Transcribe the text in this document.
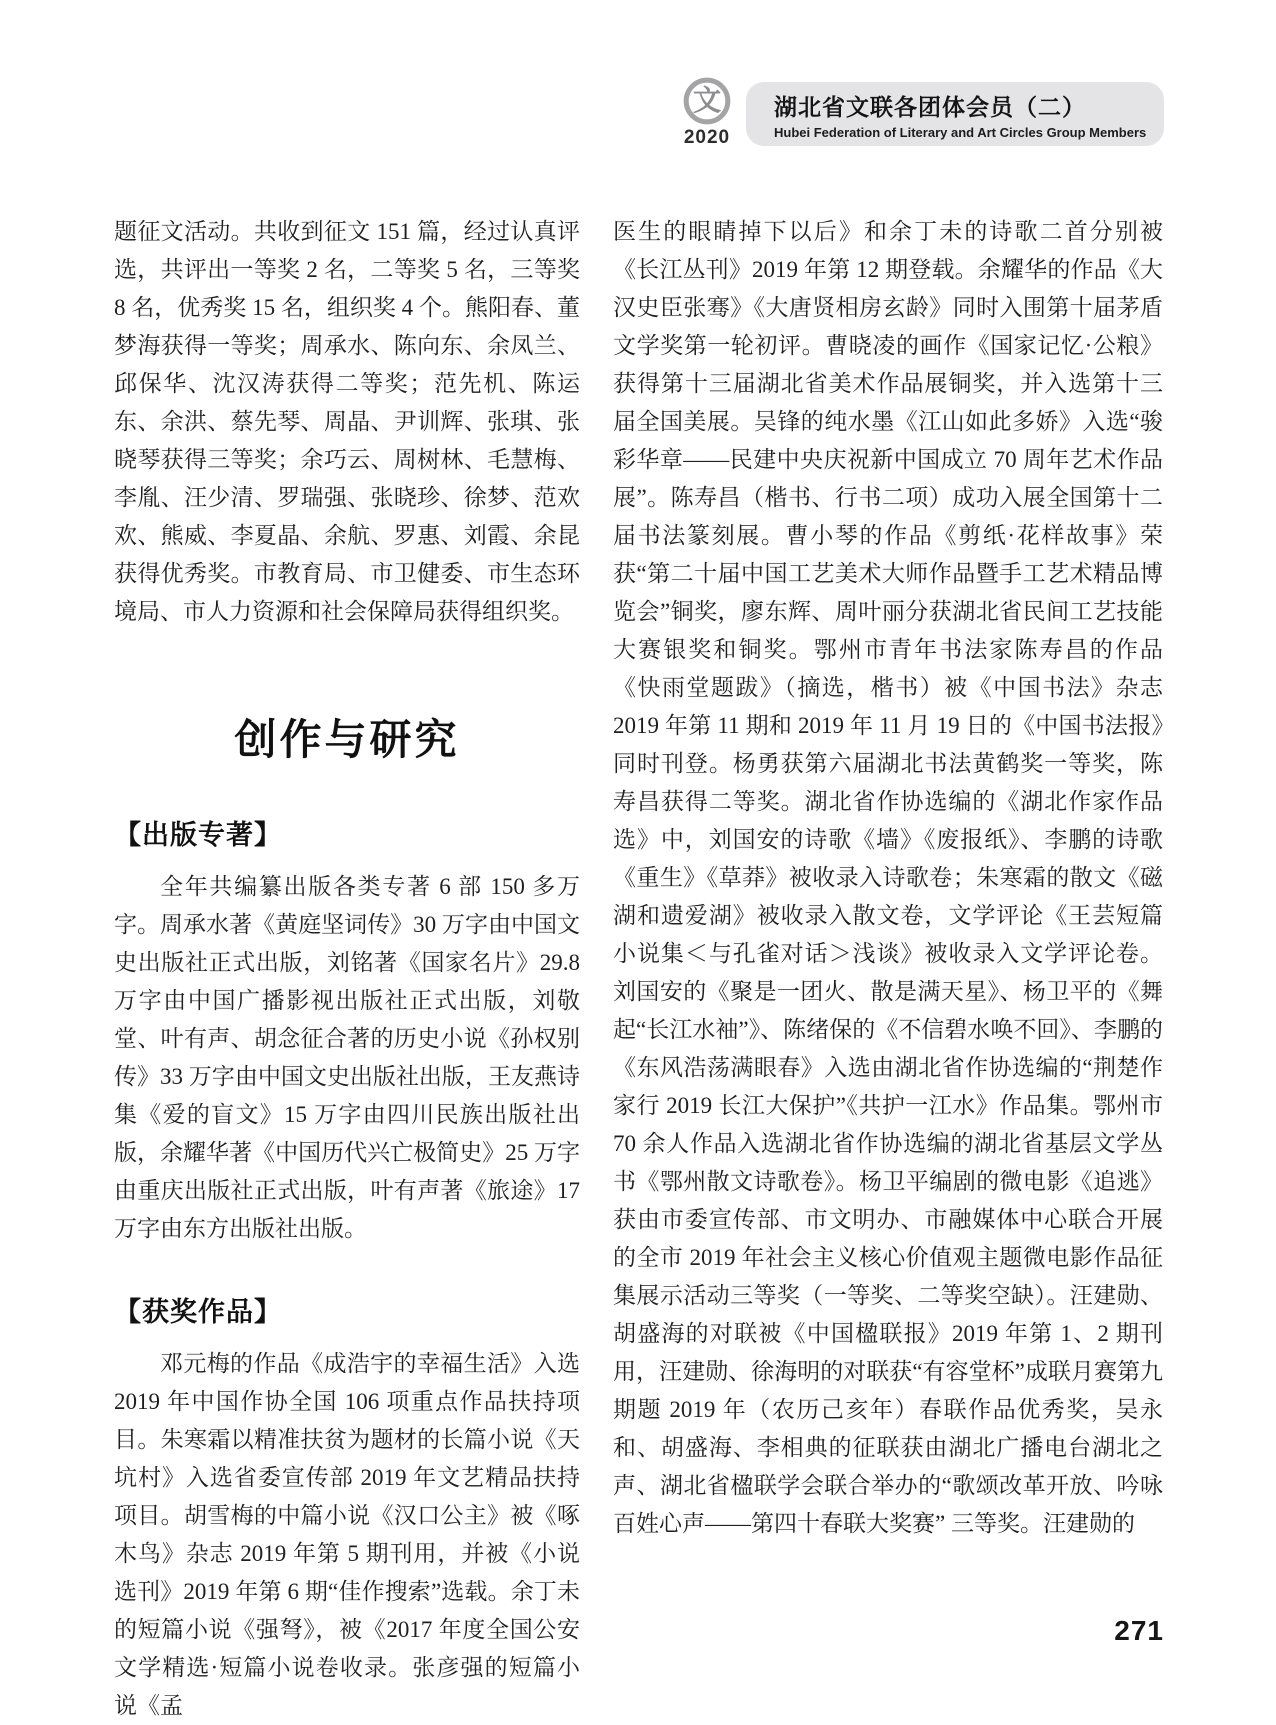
文
2020
湖北省文联各团体会员（二）
Hubei Federation of Literary and Art Circles Group Members

题征文活动。共收到征文 151 篇，经过认真评选，共评出一等奖 2 名，二等奖 5 名，三等奖 8 名，优秀奖 15 名，组织奖 4 个。熊阳春、董梦海获得一等奖；周承水、陈向东、余凤兰、邱保华、沈汉涛获得二等奖；范先机、陈运东、余洪、蔡先琴、周晶、尹训辉、张琪、张晓琴获得三等奖；余巧云、周树林、毛慧梅、李胤、汪少清、罗瑞强、张晓珍、徐梦、范欢欢、熊威、李夏晶、余航、罗惠、刘霞、余昆获得优秀奖。市教育局、市卫健委、市生态环境局、市人力资源和社会保障局获得组织奖。

创作与研究
【出版专著】

全年共编纂出版各类专著 6 部 150 多万字。周承水著《黄庭坚词传》30 万字由中国文史出版社正式出版，刘铭著《国家名片》29.8 万字由中国广播影视出版社正式出版，刘敬堂、叶有声、胡念征合著的历史小说《孙权别传》33 万字由中国文史出版社出版，王友燕诗集《爱的盲文》15 万字由四川民族出版社出版，余耀华著《中国历代兴亡极简史》25 万字由重庆出版社正式出版，叶有声著《旅途》17 万字由东方出版社出版。

【获奖作品】

邓元梅的作品《成浩宇的幸福生活》入选 2019 年中国作协全国 106 项重点作品扶持项目。朱寒霜以精准扶贫为题材的长篇小说《天坑村》入选省委宣传部 2019 年文艺精品扶持项目。胡雪梅的中篇小说《汉口公主》被《啄木鸟》杂志 2019 年第 5 期刊用，并被《小说选刊》2019 年第 6 期“佳作搜索”选载。余丁未的短篇小说《强弩》，被《2017 年度全国公安文学精选·短篇小说卷收录。张彦强的短篇小说《孟

医生的眼睛掉下以后》和余丁未的诗歌二首分别被《长江丛刊》2019 年第 12 期登载。余耀华的作品《大汉史臣张骞》《大唐贤相房玄龄》同时入围第十届茅盾文学奖第一轮初评。曹晓凌的画作《国家记忆·公粮》获得第十三届湖北省美术作品展铜奖，并入选第十三届全国美展。吴锋的纯水墨《江山如此多娇》入选“骏彩华章——民建中央庆祝新中国成立 70 周年艺术作品展”。陈寿昌（楷书、行书二项）成功入展全国第十二届书法篆刻展。曹小琴的作品《剪纸·花样故事》荣获“第二十届中国工艺美术大师作品暨手工艺术精品博览会”铜奖，廖东辉、周叶丽分获湖北省民间工艺技能大赛银奖和铜奖。鄂州市青年书法家陈寿昌的作品《快雨堂题跋》（摘选，楷书）被《中国书法》杂志 2019 年第 11 期和 2019 年 11 月 19 日的《中国书法报》同时刊登。杨勇获第六届湖北书法黄鹤奖一等奖，陈寿昌获得二等奖。湖北省作协选编的《湖北作家作品选》中，刘国安的诗歌《墙》《废报纸》、李鹏的诗歌《重生》《草莽》被收录入诗歌卷；朱寒霜的散文《磁湖和遗爱湖》被收录入散文卷，文学评论《王芸短篇小说集＜与孔雀对话＞浅谈》被收录入文学评论卷。刘国安的《聚是一团火、散是满天星》、杨卫平的《舞起“长江水袖”》、陈绪保的《不信碧水唤不回》、李鹏的《东风浩荡满眼春》入选由湖北省作协选编的“荆楚作家行 2019 长江大保护”《共护一江水》作品集。鄂州市 70 余人作品入选湖北省作协选编的湖北省基层文学丛书《鄂州散文诗歌卷》。杨卫平编剧的微电影《追逃》获由市委宣传部、市文明办、市融媒体中心联合开展的全市 2019 年社会主义核心价值观主题微电影作品征集展示活动三等奖（一等奖、二等奖空缺）。汪建勋、胡盛海的对联被《中国楹联报》2019 年第 1、2 期刊用，汪建勋、徐海明的对联获“有容堂杯”成联月赛第九期题 2019 年（农历己亥年）春联作品优秀奖，吴永和、胡盛海、李相典的征联获由湖北广播电台湖北之声、湖北省楹联学会联合举办的“歌颂改革开放、吟咏百姓心声——第四十春联大奖赛” 三等奖。汪建勋的

271
